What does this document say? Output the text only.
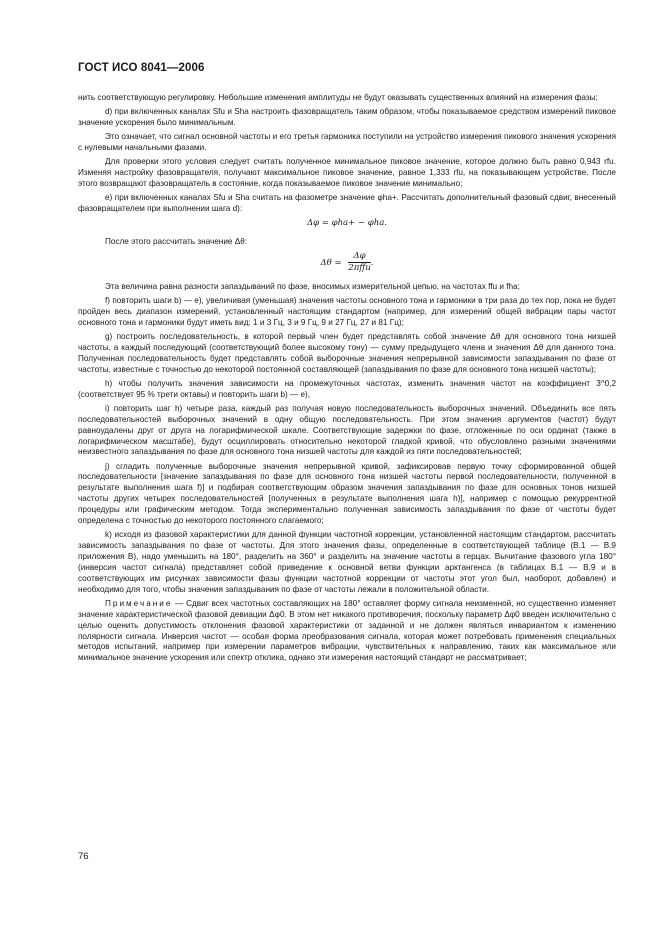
ГОСТ ИСО 8041—2006

нить соответствующую регулировку. Небольшие изменения амплитуды не будут оказывать существенных влияний на измерения фазы;

d) при включенных каналах Sfu и Sha настроить фазовращатель таким образом, чтобы показываемое средством измерений пиковое значение ускорения было минимальным.

Это означает, что сигнал основной частоты и его третья гармоника поступили на устройство измерения пикового значения ускорения с нулевыми начальными фазами.

Для проверки этого условия следует считать полученное минимальное пиковое значение, которое должно быть равно 0,943 rfu. Изменяя настройку фазовращателя, получают максимальное пиковое значение, равное 1,333 rfu, на показывающем устройстве. После этого возвращают фазовращатель в состояние, когда показываемое пиковое значение минимально;

е) при включенных каналах Sfu и Sha считать на фазометре значение φha+. Рассчитать дополнительный фазовый сдвиг, внесенный фазовращателем при выполнении шага d):

Δφ = φha+ − φha.

После этого рассчитать значение Δθ:

$\Delta\theta = \frac{\Delta\varphi}{\text{2πffu}}$ .

Эта величина равна разности запаздываний по фазе, вносимых измерительной цепью, на частотах ffu и fha;

f) повторить шаги b) — е), увеличивая (уменьшая) значения частоты основного тона и гармоники в три раза до тех пор, пока не будет пройден весь диапазон измерений, установленный настоящим стандартом (например, для измерений общей вибрации пары частот основного тона и гармоники будут иметь вид: 1 и 3 Гц, 3 и 9 Гц, 9 и 27 Гц, 27 и 81 Гц);

g) построить последовательность, в которой первый член будет представлять собой значение Δθ для основного тона низшей частоты, а каждый последующий (соответствующий более высокому тону) — сумму предыдущего члена и значения Δθ для данного тона. Полученная последовательность будет представлять собой выборочные значения непрерывной зависимости запаздывания по фазе от частоты, известные с точностью до некоторой постоянной составляющей (запаздывания по фазе для основного тона низшей частоты);

h) чтобы получить значения зависимости на промежуточных частотах, изменить значения частот на коэффициент 3^0,2 (соответствует 95 % трети октавы) и повторить шаги b) — е),

i) повторить шаг h) четыре раза, каждый раз получая новую последовательность выборочных значений. Объединить все пять последовательностей выборочных значений в одну общую последовательность. При этом значения аргументов (частот) будут равноудалены друг от друга на логарифмической шкале. Соответствующие задержки по фазе, отложенные по оси ординат (также в логарифмическом масштабе), будут осциллировать относительно некоторой гладкой кривой, что обусловлено разными значениями неизвестного запаздывания по фазе для основного тона низшей частоты для каждой из пяти последовательностей;

j) сгладить полученные выборочные значения непрерывной кривой, зафиксировав первую точку сформированной общей последовательности [значение запаздывания по фазе для основного тона низшей частоты первой последовательности, полученной в результате выполнения шага f)] и подбирая соответствующим образом значения запаздывания по фазе для основных тонов низшей частоты других четырех последовательностей [полученных в результате выполнения шага h)], например с помощью рекуррентной процедуры или графическим методом. Тогда экспериментально полученная зависимость запаздывания по фазе от частоты будет определена с точностью до некоторого постоянного слагаемого;

k) исходя из фазовой характеристики для данной функции частотной коррекции, установленной настоящим стандартом, рассчитать зависимость запаздывания по фазе от частоты. Для этого значения фазы, определенные в соответствующей таблице (В.1 — В.9 приложения В), надо уменьшить на 180°, разделить на 360° и разделить на значение частоты в герцах. Вычитание фазового угла 180° (инверсия частот сигнала) представляет собой приведение к основной ветви функции арктангенса (в таблицах В.1 — В.9 и в соответствующих им рисунках зависимости фазы функции частотной коррекции от частоты этот угол был, наоборот, добавлен) и необходимо для того, чтобы значения запаздывания по фазе от частоты лежали в положительной области.

Примечание — Сдвиг всех частотных составляющих на 180° оставляет форму сигнала неизменной, но существенно изменяет значение характеристической фазовой девиации Δφ0. В этом нет никакого противоречия, поскольку параметр Δφ0 введен исключительно с целью оценить допустимость отклонения фазовой характеристики от заданной и не должен являться инвариантом к изменению полярности сигнала. Инверсия частот — особая форма преобразования сигнала, которая может потребовать применения специальных методов испытаний, например при измерении параметров вибрации, чувствительных к направлению, таких как максимальное или минимальное значение ускорения или спектр отклика, однако эти измерения настоящий стандарт не рассматривает;

76
